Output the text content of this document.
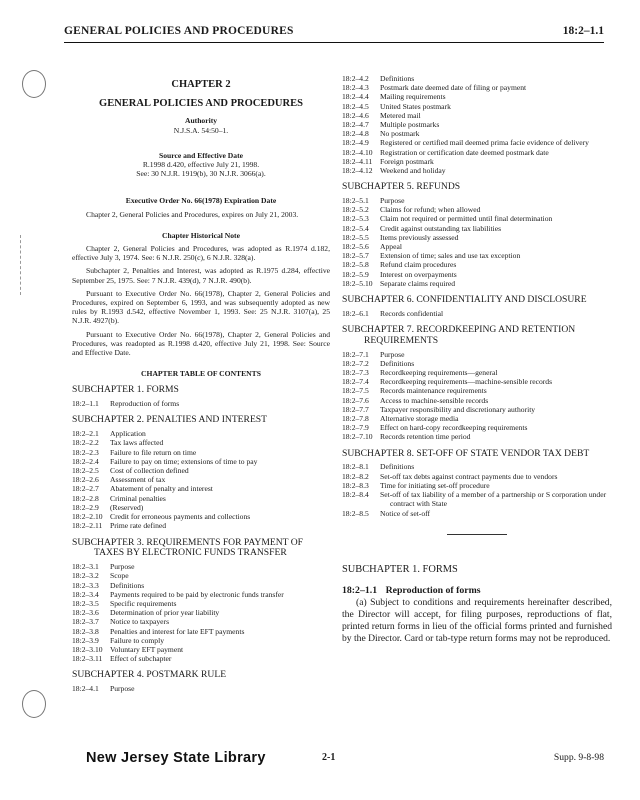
GENERAL POLICIES AND PROCEDURES	18:2–1.1
CHAPTER 2
GENERAL POLICIES AND PROCEDURES
Authority
N.J.S.A. 54:50–1.
Source and Effective Date
R.1998 d.420, effective July 21, 1998.
See: 30 N.J.R. 1919(b), 30 N.J.R. 3066(a).
Executive Order No. 66(1978) Expiration Date
Chapter 2, General Policies and Procedures, expires on July 21, 2003.
Chapter Historical Note
Chapter 2, General Policies and Procedures, was adopted as R.1974 d.182, effective July 3, 1974. See: 6 N.J.R. 250(c), 6 N.J.R. 328(a).
Subchapter 2, Penalties and Interest, was adopted as R.1975 d.284, effective September 25, 1975. See: 7 N.J.R. 439(d), 7 N.J.R. 490(b).
Pursuant to Executive Order No. 66(1978), Chapter 2, General Policies and Procedures, expired on September 6, 1993, and was subsequently adopted as new rules by R.1993 d.542, effective November 1, 1993. See: 25 N.J.R. 3107(a), 25 N.J.R. 4927(b).
Pursuant to Executive Order No. 66(1978), Chapter 2, General Policies and Procedures, was readopted as R.1998 d.420, effective July 21, 1998. See: Source and Effective Date.
CHAPTER TABLE OF CONTENTS
SUBCHAPTER 1. FORMS
18:2–1.1	Reproduction of forms
SUBCHAPTER 2. PENALTIES AND INTEREST
18:2–2.1	Application
18:2–2.2	Tax laws affected
18:2–2.3	Failure to file return on time
18:2–2.4	Failure to pay on time; extensions of time to pay
18:2–2.5	Cost of collection defined
18:2–2.6	Assessment of tax
18:2–2.7	Abatement of penalty and interest
18:2–2.8	Criminal penalties
18:2–2.9	(Reserved)
18:2–2.10 Credit for erroneous payments and collections
18:2–2.11	Prime rate defined
SUBCHAPTER 3. REQUIREMENTS FOR PAYMENT OF TAXES BY ELECTRONIC FUNDS TRANSFER
18:2–3.1	Purpose
18:2–3.2	Scope
18:2–3.3	Definitions
18:2–3.4	Payments required to be paid by electronic funds transfer
18:2–3.5	Specific requirements
18:2–3.6	Determination of prior year liability
18:2–3.7	Notice to taxpayers
18:2–3.8	Penalties and interest for late EFT payments
18:2–3.9	Failure to comply
18:2–3.10 Voluntary EFT payment
18:2–3.11	Effect of subchapter
SUBCHAPTER 4. POSTMARK RULE
18:2–4.1	Purpose
18:2–4.2	Definitions
18:2–4.3	Postmark date deemed date of filing or payment
18:2–4.4	Mailing requirements
18:2–4.5	United States postmark
18:2–4.6	Metered mail
18:2–4.7	Multiple postmarks
18:2–4.8	No postmark
18:2–4.9	Registered or certified mail deemed prima facie evidence of delivery
18:2–4.10 Registration or certification date deemed postmark date
18:2–4.11	Foreign postmark
18:2–4.12 Weekend and holiday
SUBCHAPTER 5. REFUNDS
18:2–5.1	Purpose
18:2–5.2	Claims for refund; when allowed
18:2–5.3	Claim not required or permitted until final determination
18:2–5.4	Credit against outstanding tax liabilities
18:2–5.5	Items previously assessed
18:2–5.6	Appeal
18:2–5.7	Extension of time; sales and use tax exception
18:2–5.8	Refund claim procedures
18:2–5.9	Interest on overpayments
18:2–5.10 Separate claims required
SUBCHAPTER 6. CONFIDENTIALITY AND DISCLOSURE
18:2–6.1	Records confidential
SUBCHAPTER 7. RECORDKEEPING AND RETENTION REQUIREMENTS
18:2–7.1	Purpose
18:2–7.2	Definitions
18:2–7.3	Recordkeeping requirements—general
18:2–7.4	Recordkeeping requirements—machine-sensible records
18:2–7.5	Records maintenance requirements
18:2–7.6	Access to machine-sensible records
18:2–7.7	Taxpayer responsibility and discretionary authority
18:2–7.8	Alternative storage media
18:2–7.9	Effect on hard-copy recordkeeping requirements
18:2–7.10 Records retention time period
SUBCHAPTER 8. SET-OFF OF STATE VENDOR TAX DEBT
18:2–8.1	Definitions
18:2–8.2	Set-off tax debts against contract payments due to vendors
18:2–8.3	Time for initiating set-off procedure
18:2–8.4	Set-off of tax liability of a member of a partnership or S corporation under contract with State
18:2–8.5	Notice of set-off
SUBCHAPTER 1. FORMS
18:2–1.1 Reproduction of forms
(a) Subject to conditions and requirements hereinafter described, the Director will accept, for filing purposes, reproductions of flat, printed return forms in lieu of the official forms printed and furnished by the Director. Card or tab-type return forms may not be reproduced.
New Jersey State Library	2-1	Supp. 9-8-98
